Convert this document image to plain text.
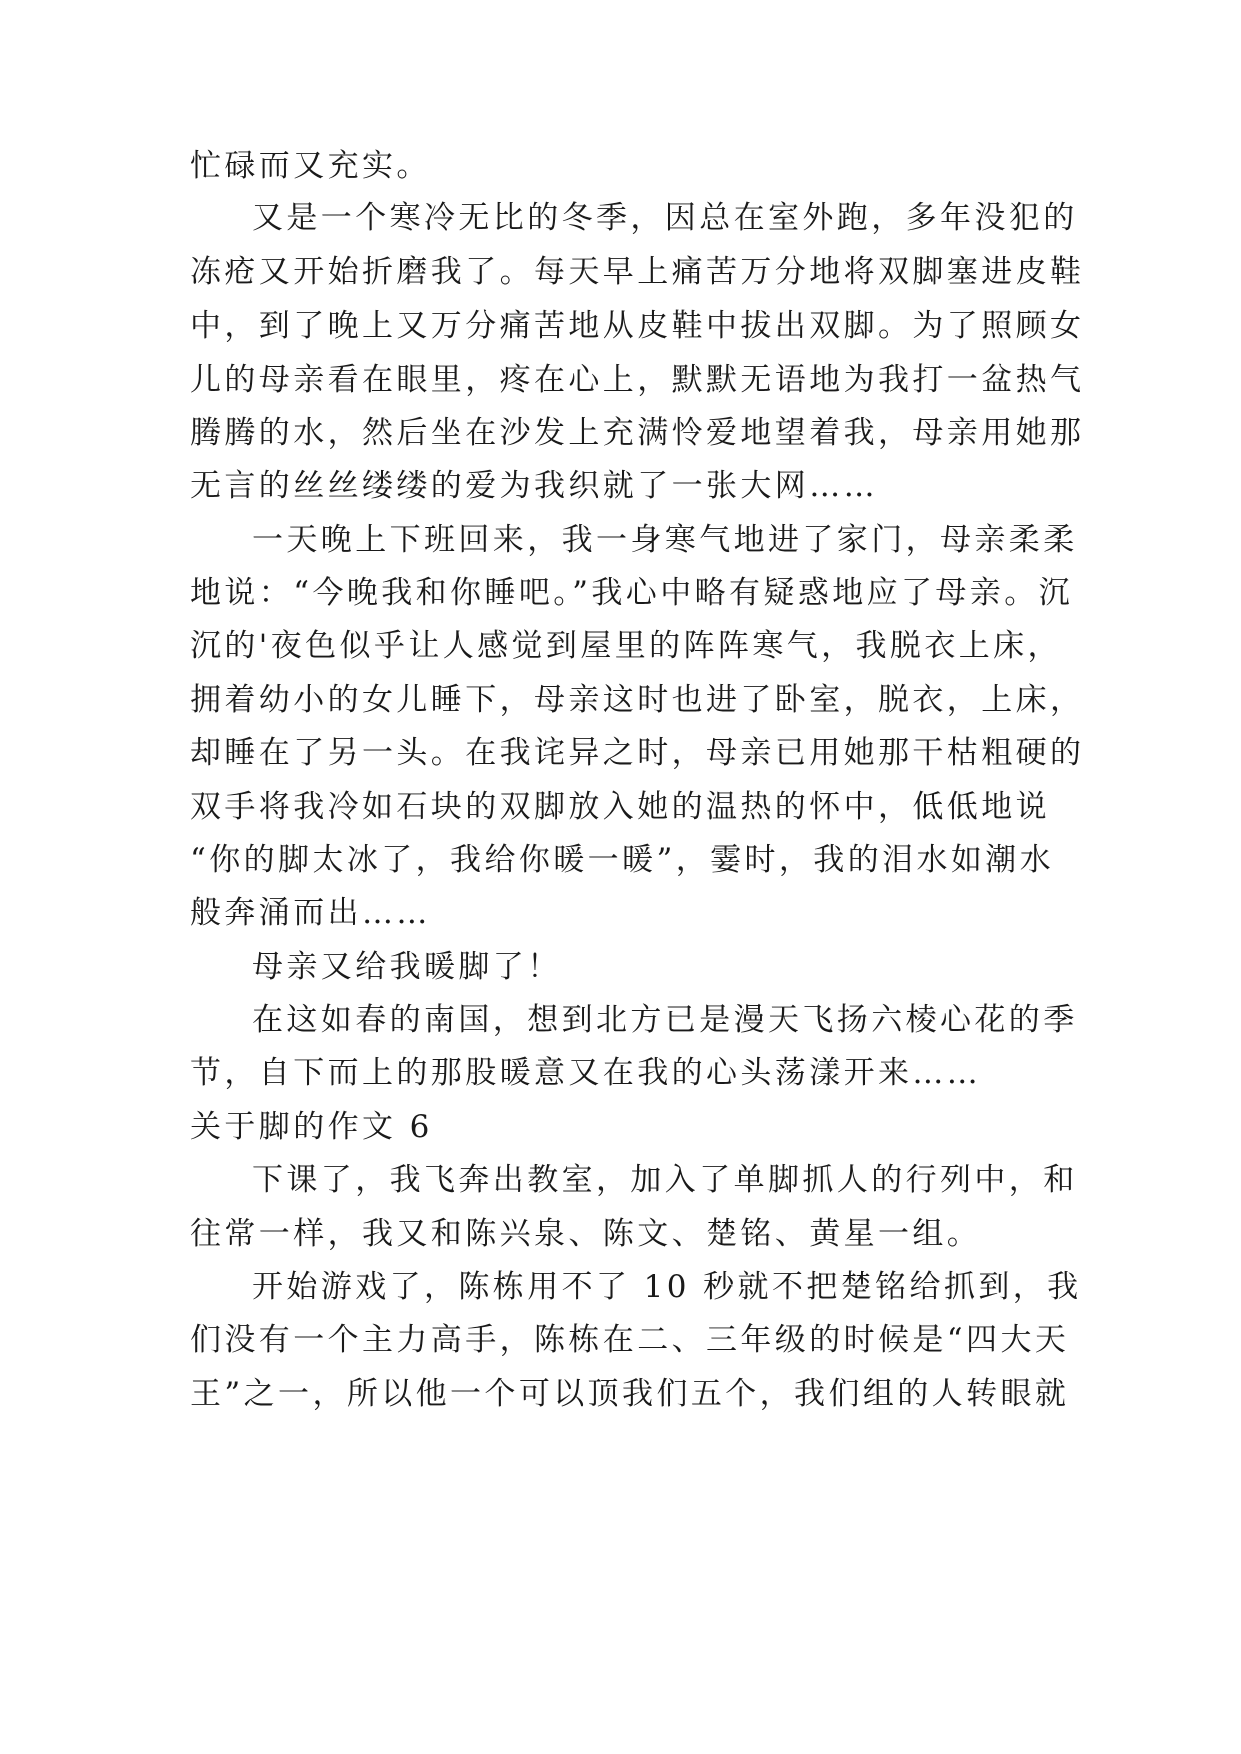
忙碌而又充实。
又是一个寒冷无比的冬季，因总在室外跑，多年没犯的
冻疮又开始折磨我了。每天早上痛苦万分地将双脚塞进皮鞋
中，到了晚上又万分痛苦地从皮鞋中拔出双脚。为了照顾女
儿的母亲看在眼里，疼在心上，默默无语地为我打一盆热气
腾腾的水，然后坐在沙发上充满怜爱地望着我，母亲用她那
无言的丝丝缕缕的爱为我织就了一张大网……
一天晚上下班回来，我一身寒气地进了家门，母亲柔柔
地说：“今晚我和你睡吧。”我心中略有疑惑地应了母亲。沉
沉的'夜色似乎让人感觉到屋里的阵阵寒气，我脱衣上床，
拥着幼小的女儿睡下，母亲这时也进了卧室，脱衣，上床，
却睡在了另一头。在我诧异之时，母亲已用她那干枯粗硬的
双手将我冷如石块的双脚放入她的温热的怀中，低低地说
“你的脚太冰了，我给你暖一暖”，霎时，我的泪水如潮水
般奔涌而出……
母亲又给我暖脚了！
在这如春的南国，想到北方已是漫天飞扬六棱心花的季
节，自下而上的那股暖意又在我的心头荡漾开来……
关于脚的作文 6
下课了，我飞奔出教室，加入了单脚抓人的行列中，和
往常一样，我又和陈兴泉、陈文、楚铭、黄星一组。
开始游戏了，陈栋用不了 10 秒就不把楚铭给抓到，我
们没有一个主力高手，陈栋在二、三年级的时候是“四大天
王”之一，所以他一个可以顶我们五个，我们组的人转眼就
